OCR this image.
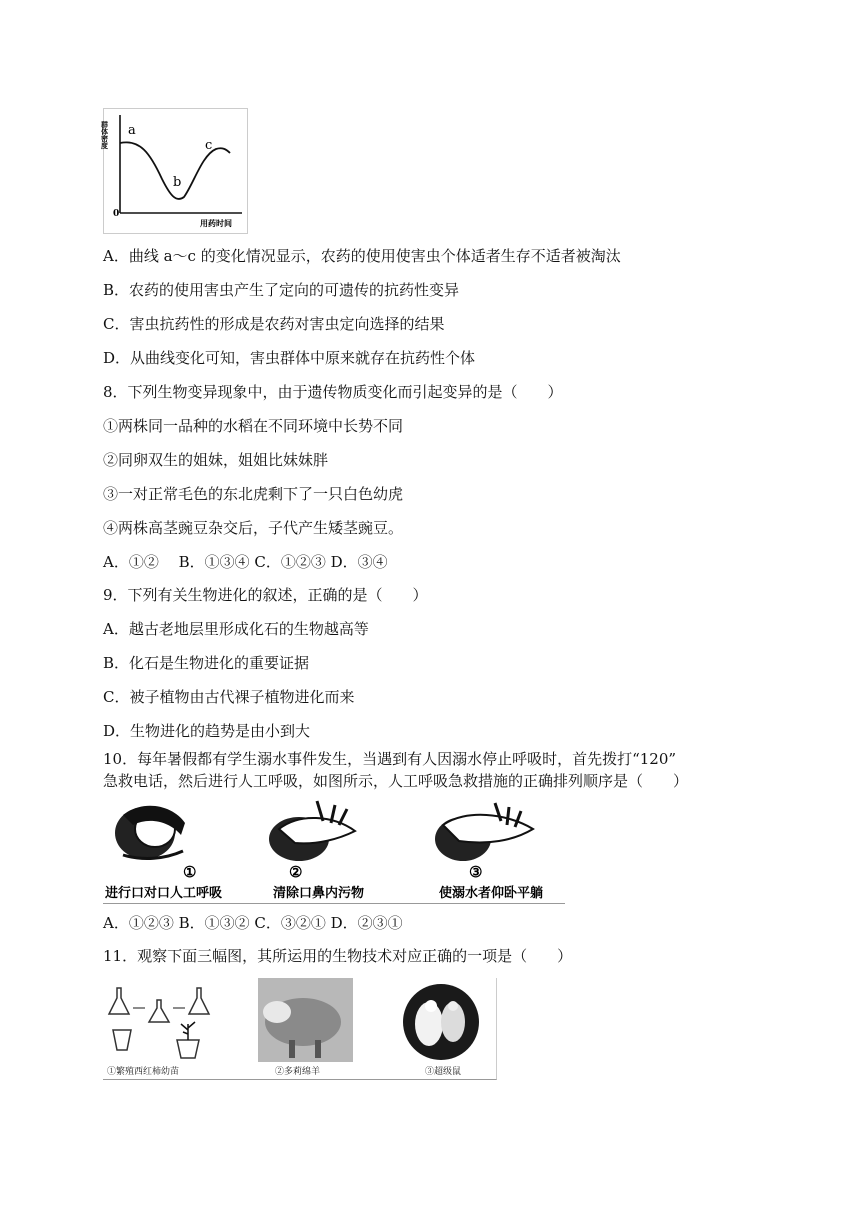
群体密度
0
用药时间
a
b
c
A．曲线 a～c 的变化情况显示，农药的使用使害虫个体适者生存不适者被淘汰
B．农药的使用害虫产生了定向的可遗传的抗药性变异
C．害虫抗药性的形成是农药对害虫定向选择的结果
D．从曲线变化可知，害虫群体中原来就存在抗药性个体
8．下列生物变异现象中，由于遗传物质变化而引起变异的是（　　）
①两株同一品种的水稻在不同环境中长势不同
②同卵双生的姐妹，姐姐比妹妹胖
③一对正常毛色的东北虎剩下了一只白色幼虎
④两株高茎豌豆杂交后，子代产生矮茎豌豆。
A．①②　 B．①③④ C．①②③ D．③④
9．下列有关生物进化的叙述，正确的是（　　）
A．越古老地层里形成化石的生物越高等
B．化石是生物进化的重要证据
C．被子植物由古代裸子植物进化而来
D．生物进化的趋势是由小到大
10．每年暑假都有学生溺水事件发生，当遇到有人因溺水停止呼吸时，首先拨打“120”
急救电话，然后进行人工呼吸，如图所示，人工呼吸急救措施的正确排列顺序是（　　）
①	②	③
进行口对口人工呼吸	清除口鼻内污物	使溺水者仰卧平躺
A．①②③ B．①③② C．③②① D．②③①
11．观察下面三幅图，其所运用的生物技术对应正确的一项是（　　）
①繁殖西红柿幼苗	②多莉绵羊	③超级鼠
